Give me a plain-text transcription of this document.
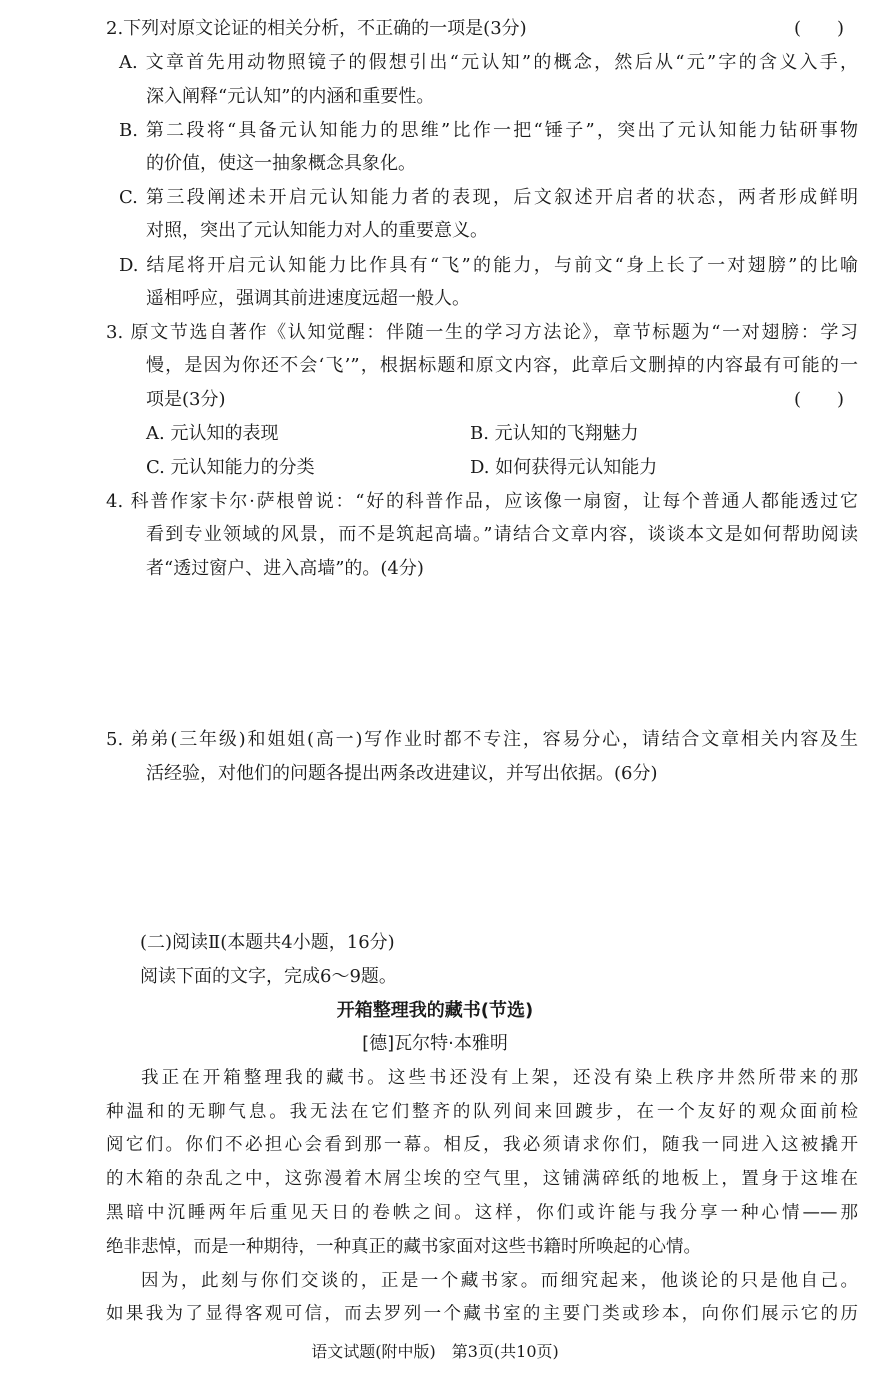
2.下列对原文论证的相关分析，不正确的一项是(3分)	(　　)
A. 文章首先用动物照镜子的假想引出“元认知”的概念，然后从“元”字的含义入手，
深入阐释“元认知”的内涵和重要性。
B. 第二段将“具备元认知能力的思维”比作一把“锤子”，突出了元认知能力钻研事物
的价值，使这一抽象概念具象化。
C. 第三段阐述未开启元认知能力者的表现，后文叙述开启者的状态，两者形成鲜明
对照，突出了元认知能力对人的重要意义。
D. 结尾将开启元认知能力比作具有“飞”的能力，与前文“身上长了一对翅膀”的比喻
遥相呼应，强调其前进速度远超一般人。
3. 原文节选自著作《认知觉醒：伴随一生的学习方法论》，章节标题为“一对翅膀：学习
慢，是因为你还不会‘飞’”，根据标题和原文内容，此章后文删掉的内容最有可能的一
项是(3分)	(　　)
A. 元认知的表现	B. 元认知的飞翔魅力
C. 元认知能力的分类	D. 如何获得元认知能力
4. 科普作家卡尔·萨根曾说：“好的科普作品，应该像一扇窗，让每个普通人都能透过它
看到专业领域的风景，而不是筑起高墙。”请结合文章内容，谈谈本文是如何帮助阅读
者“透过窗户、进入高墙”的。(4分)
5. 弟弟(三年级)和姐姐(高一)写作业时都不专注，容易分心，请结合文章相关内容及生
活经验，对他们的问题各提出两条改进建议，并写出依据。(6分)
(二)阅读Ⅱ(本题共4小题，16分)
阅读下面的文字，完成6～9题。
开箱整理我的藏书(节选)
[德]瓦尔特·本雅明
我正在开箱整理我的藏书。这些书还没有上架，还没有染上秩序井然所带来的那
种温和的无聊气息。我无法在它们整齐的队列间来回踱步，在一个友好的观众面前检
阅它们。你们不必担心会看到那一幕。相反，我必须请求你们，随我一同进入这被撬开
的木箱的杂乱之中，这弥漫着木屑尘埃的空气里，这铺满碎纸的地板上，置身于这堆在
黑暗中沉睡两年后重见天日的卷帙之间。这样，你们或许能与我分享一种心情——那
绝非悲悼，而是一种期待，一种真正的藏书家面对这些书籍时所唤起的心情。
因为，此刻与你们交谈的，正是一个藏书家。而细究起来，他谈论的只是他自己。
如果我为了显得客观可信，而去罗列一个藏书室的主要门类或珍本，向你们展示它的历
语文试题(附中版)　第3页(共10页)
